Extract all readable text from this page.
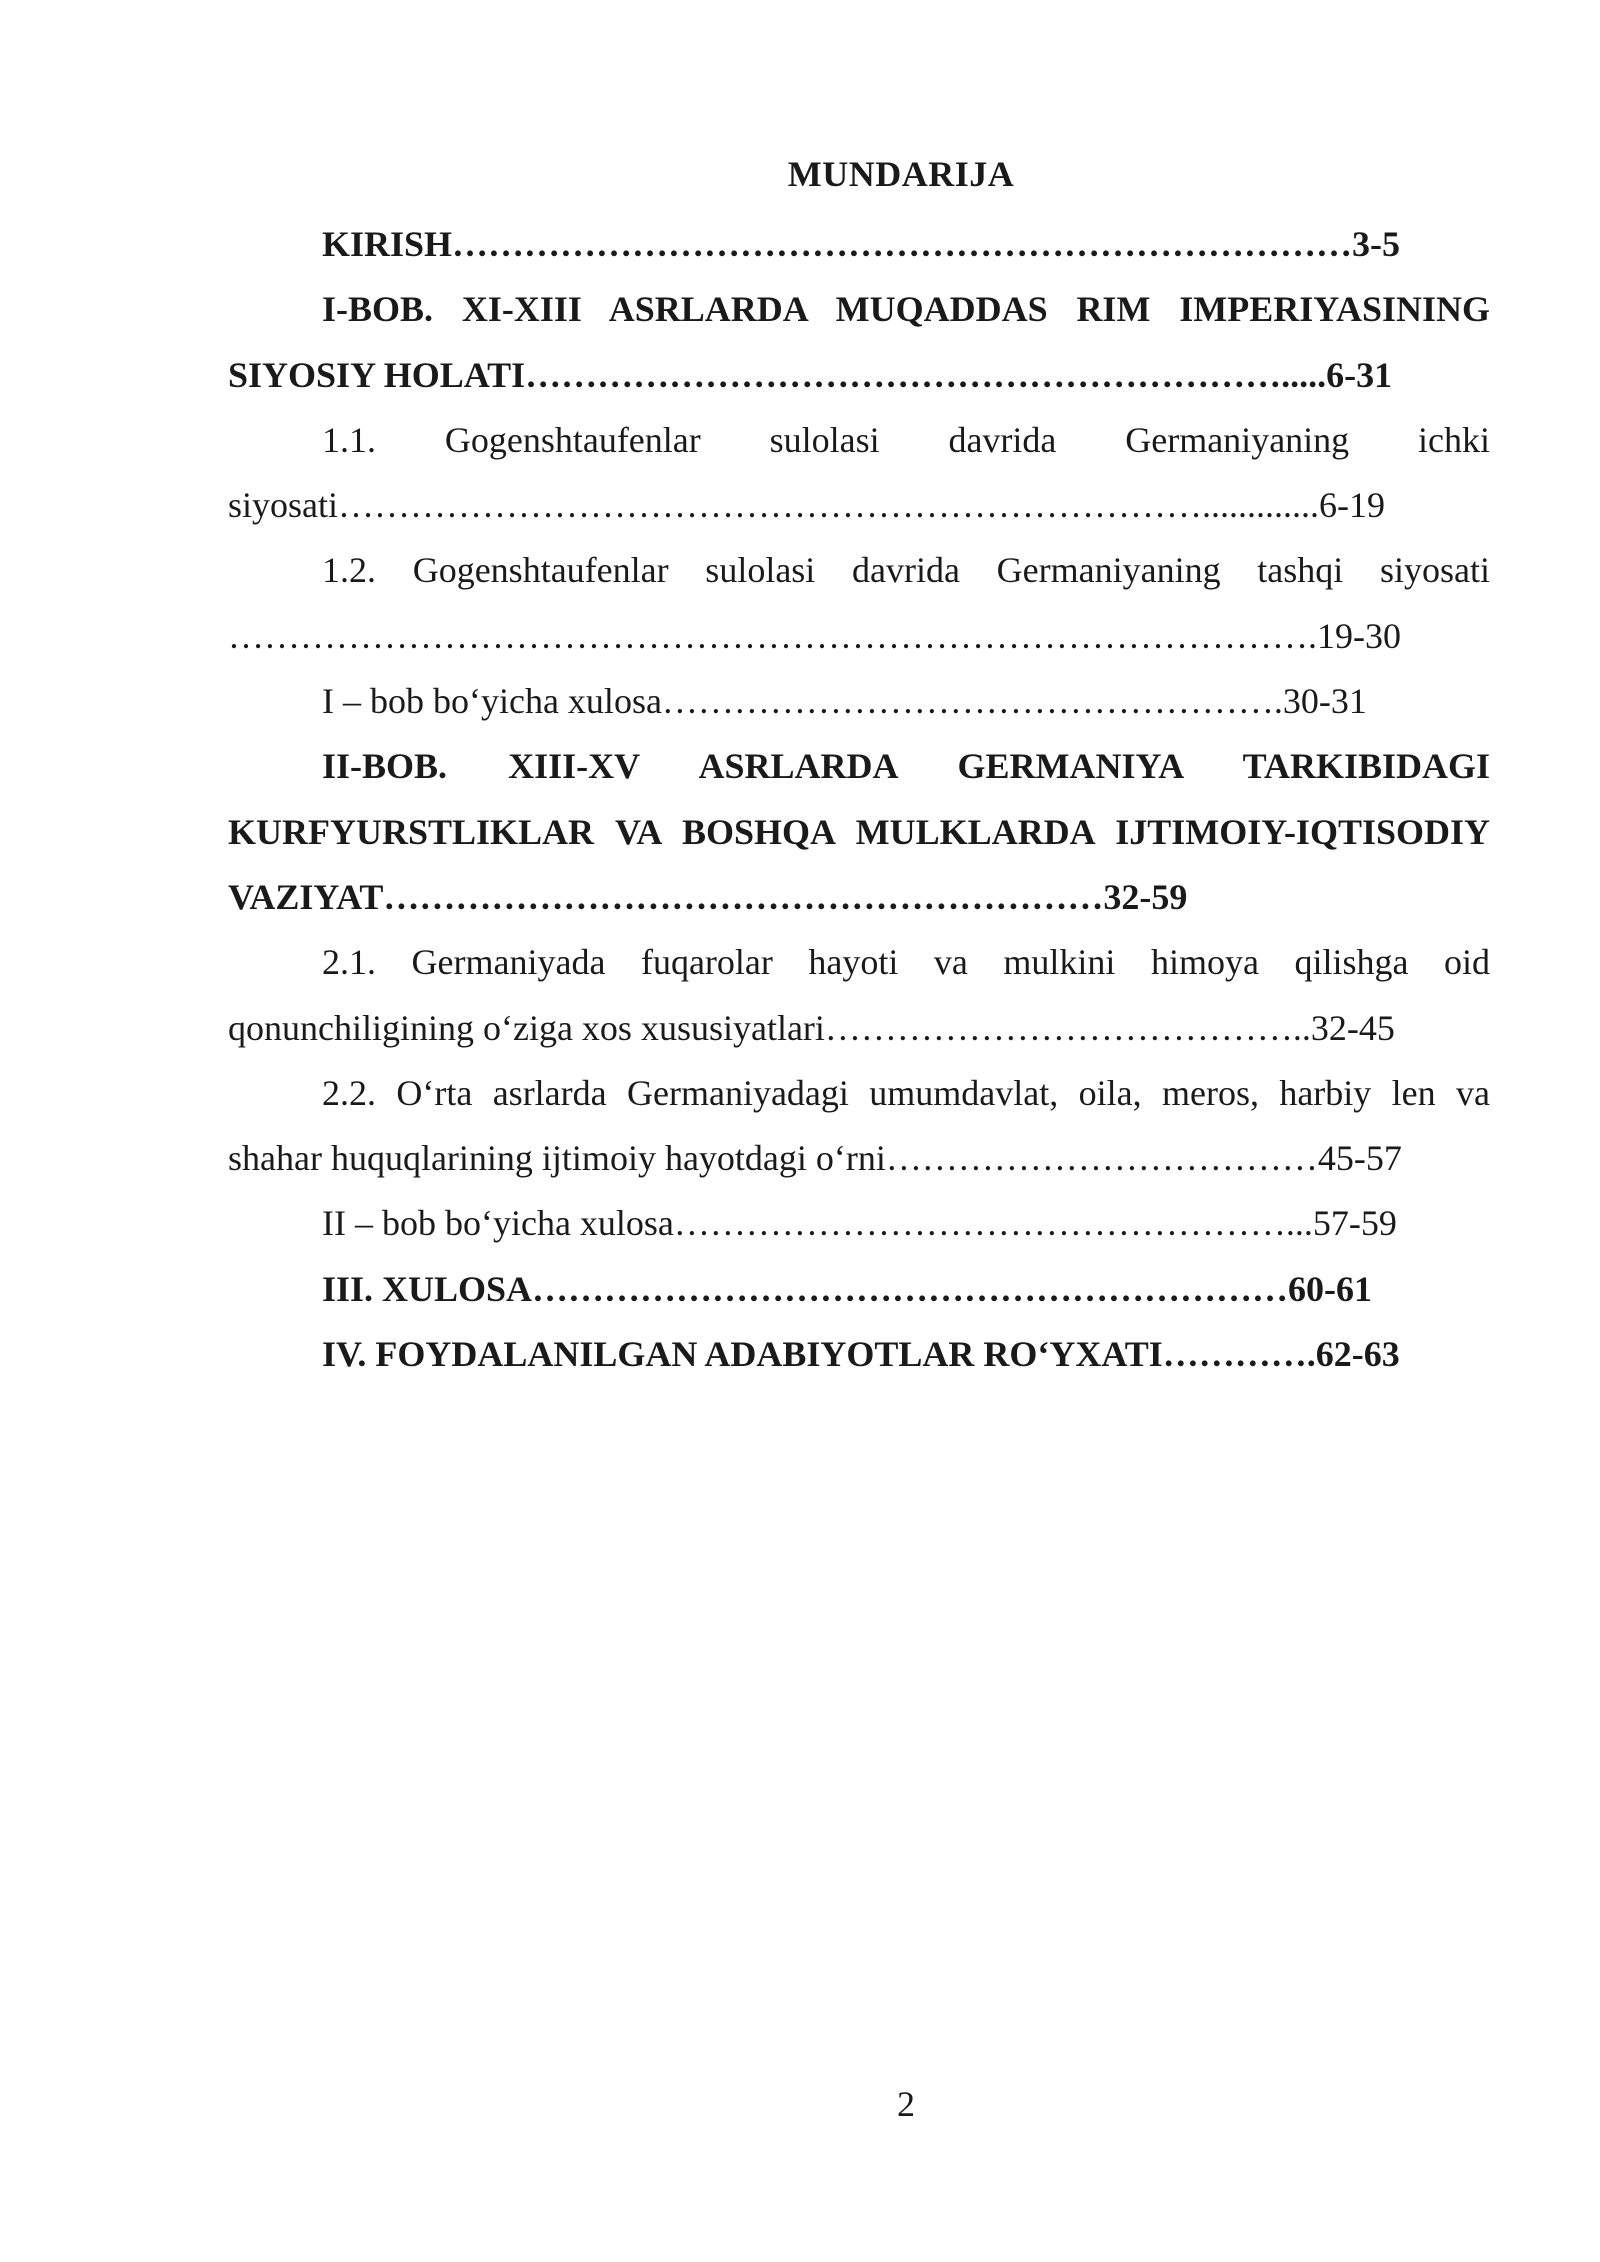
MUNDARIJA

KIRISH…………………………………………………………………3-5

I-BOB. XI-XIII ASRLARDA MUQADDAS RIM IMPERIYASINING SIYOSIY HOLATI……………………………………………………….....6-31

1.1. Gogenshtaufenlar sulolasi davrida Germaniyaning ichki siyosati……………………………………………………………….............6-19

1.2. Gogenshtaufenlar sulolasi davrida Germaniyaning tashqi siyosati ……………………………………………………………………………….19-30

I – bob bo‘yicha xulosa…………………………………………….30-31

II-BOB. XIII-XV ASRLARDA GERMANIYA TARKIBIDAGI KURFYURSTLIKLAR VA BOSHQA MULKLARDA IJTIMOIY-IQTISODIY VAZIYAT……………………………………………………32-59

2.1. Germaniyada fuqarolar hayoti va mulkini himoya qilishga oid qonunchiligining o‘ziga xos xususiyatlari…………………………………..32-45

2.2. O‘rta asrlarda Germaniyadagi umumdavlat, oila, meros, harbiy len va shahar huquqlarining ijtimoiy hayotdagi o‘rni………………………………45-57

II – bob bo‘yicha xulosa……………………………………………...57-59

III. XULOSA………………………………………………………60-61

IV. FOYDALANILGAN ADABIYOTLAR RO‘YXATI………….62-63

2
